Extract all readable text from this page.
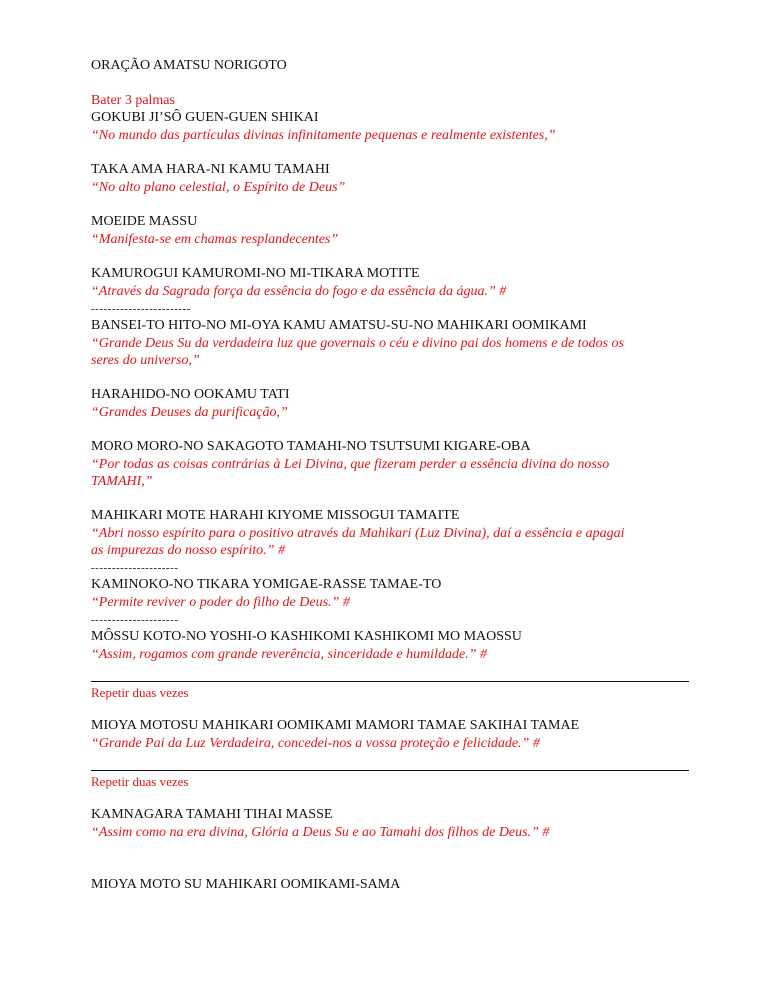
ORAÇÃO AMATSU NORIGOTO
Bater 3 palmas
GOKUBI JI’SÔ GUEN-GUEN SHIKAI
“No mundo das partículas divinas infinitamente pequenas e realmente existentes,”
TAKA AMA HARA-NI KAMU TAMAHI
“No alto plano celestial, o Espírito de Deus”
MOEIDE MASSU
“Manifesta-se em chamas resplandecentes”
KAMUROGUI KAMUROMI-NO MI-TIKARA MOTITE
“Através da Sagrada força da essência do fogo e da essência da água.” #
------------------------
BANSEI-TO HITO-NO MI-OYA KAMU AMATSU-SU-NO MAHIKARI OOMIKAMI
“Grande Deus Su da verdadeira luz que governais o céu e divino pai dos homens e de todos os
seres do universo,”
HARAHIDO-NO OOKAMU TATI
“Grandes Deuses da purificação,”
MORO MORO-NO SAKAGOTO TAMAHI-NO TSUTSUMI KIGARE-OBA
“Por todas as coisas contrárias à Lei Divina, que fizeram perder a essência divina do nosso
TAMAHI,”
MAHIKARI MOTE HARAHI KIYOME MISSOGUI TAMAITE
“Abri nosso espírito para o positivo através da Mahikari (Luz Divina), daí a essência e apagai
as impurezas do nosso espírito.” #
---------------------
KAMINOKO-NO TIKARA YOMIGAE-RASSE TAMAE-TO
“Permite reviver o poder do filho de Deus.” #
---------------------
MÔSSU KOTO-NO YOSHI-O KASHIKOMI KASHIKOMI MO MAOSSU
“Assim, rogamos com grande reverência, sinceridade e humildade.” #
Repetir duas vezes
MIOYA MOTOSU MAHIKARI OOMIKAMI MAMORI TAMAE SAKIHAI TAMAE
“Grande Pai da Luz Verdadeira, concedei-nos a vossa proteção e felicidade.” #
Repetir duas vezes
KAMNAGARA TAMAHI TIHAI MASSE
“Assim como na era divina, Glória a Deus Su e ao Tamahi dos filhos de Deus.” #
MIOYA MOTO SU MAHIKARI OOMIKAMI-SAMA
